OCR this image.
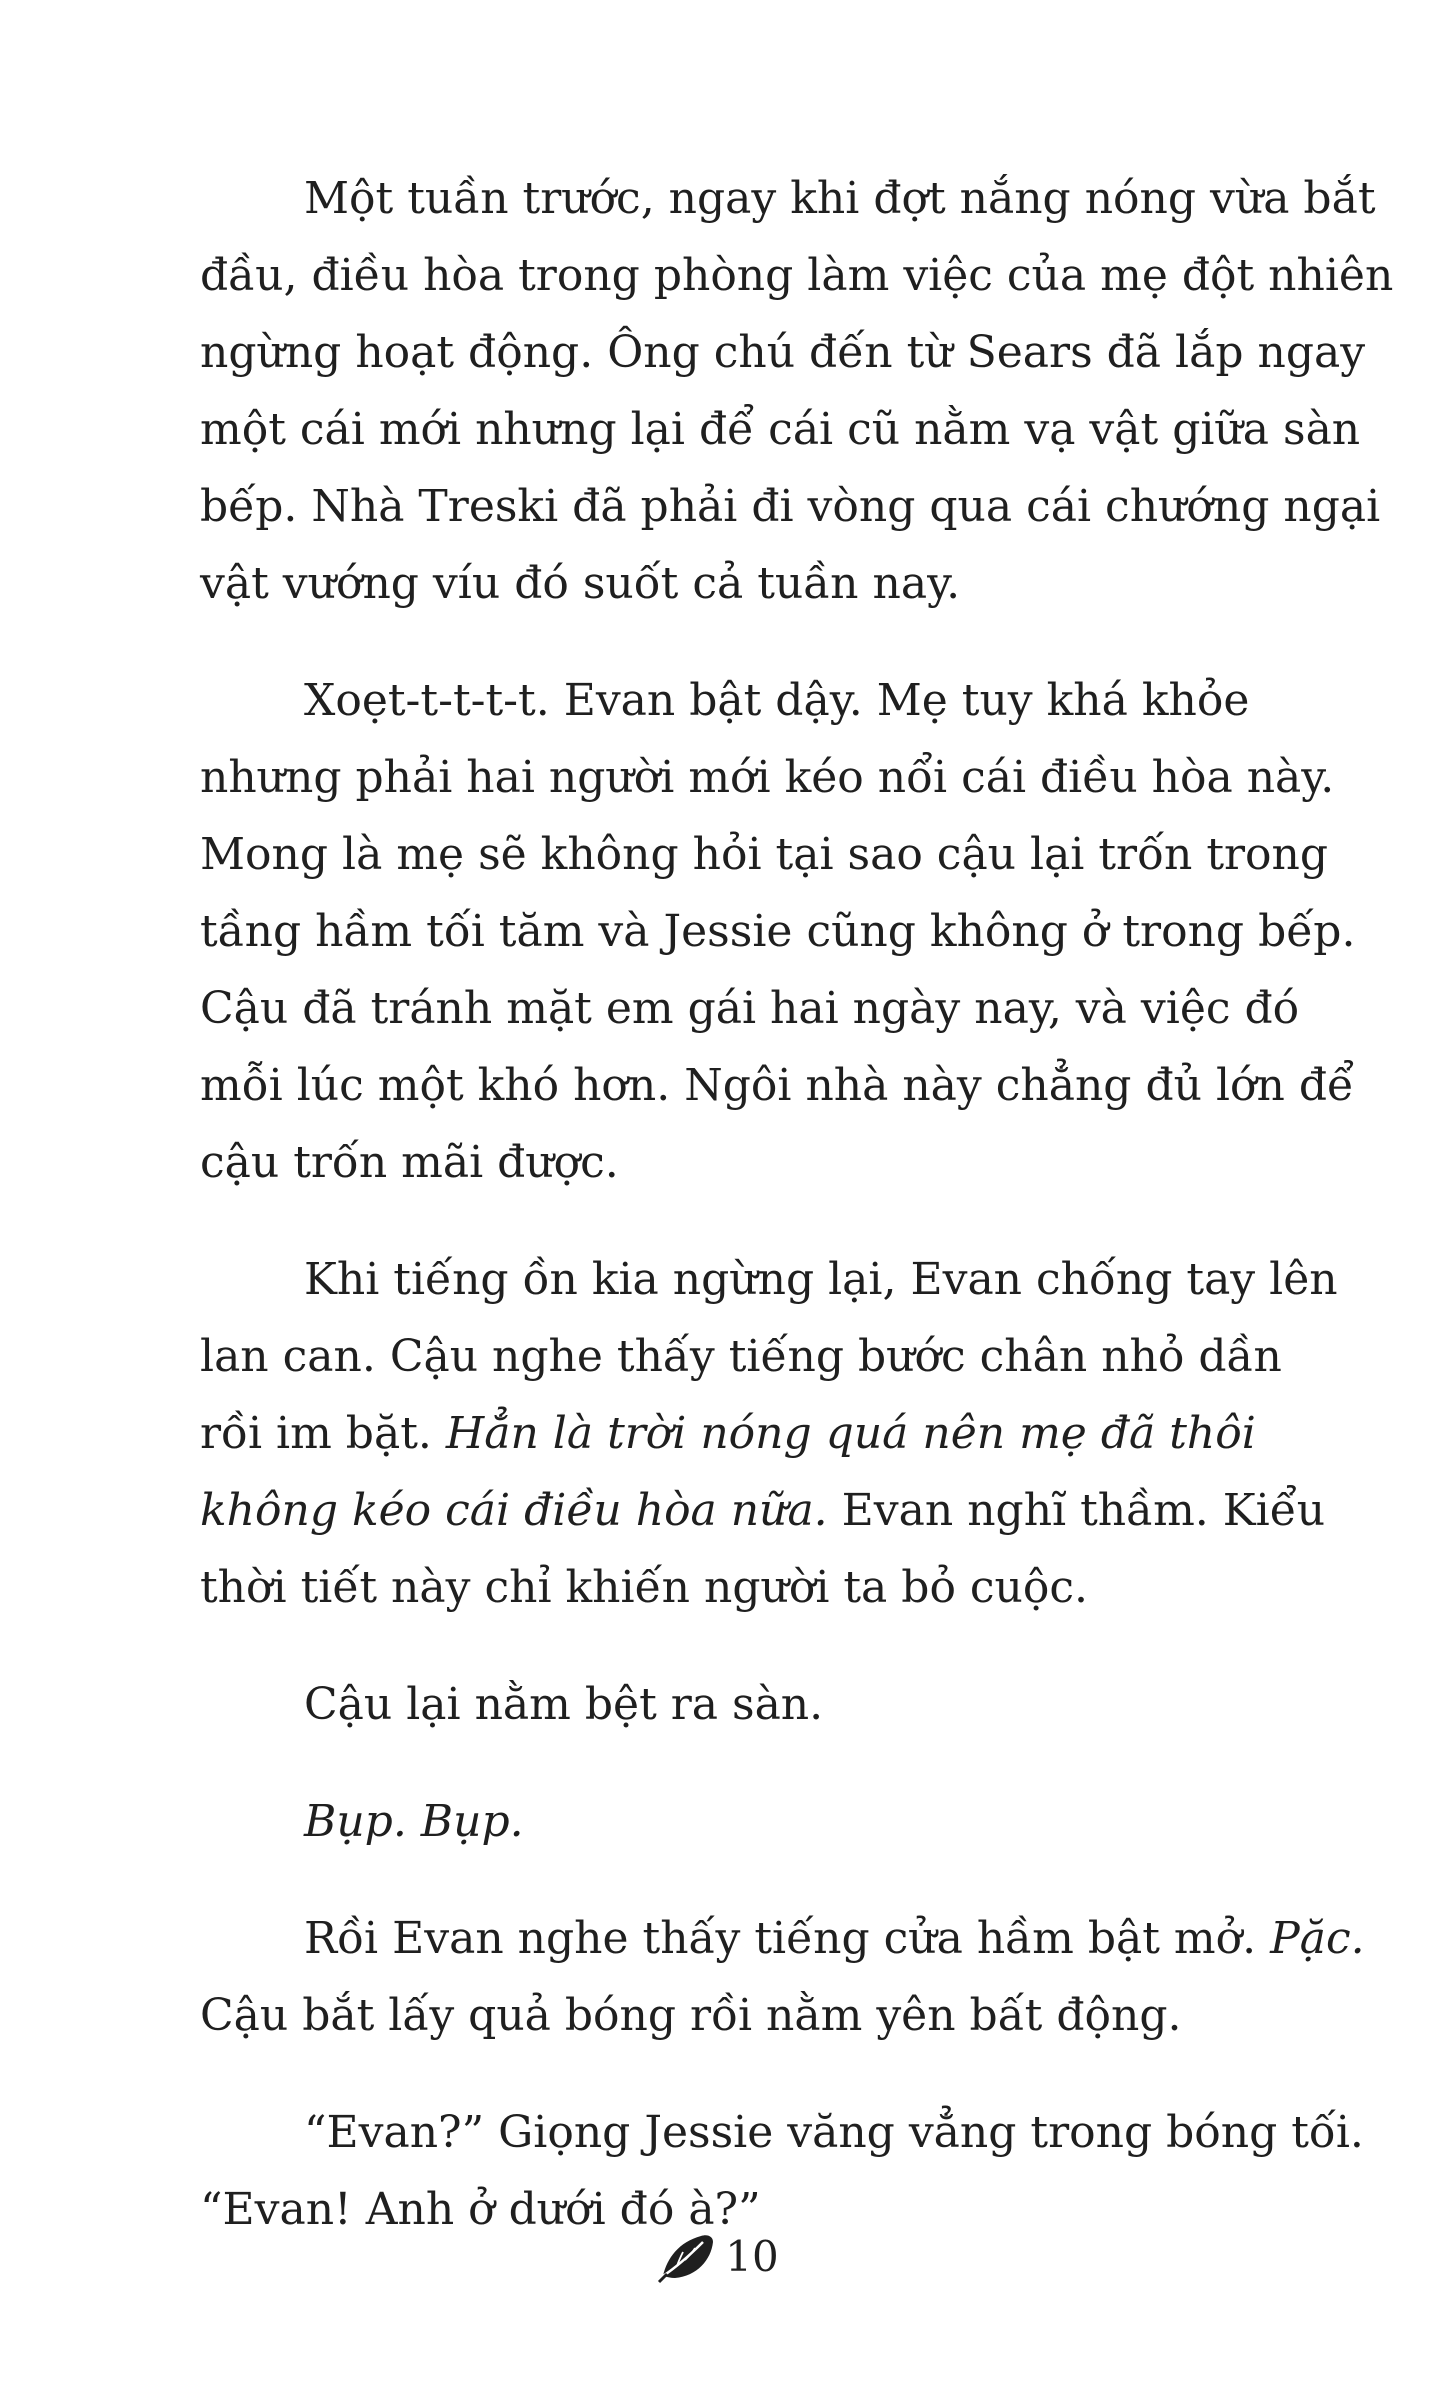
Một tuần trước, ngay khi đợt nắng nóng vừa bắt
đầu, điều hòa trong phòng làm việc của mẹ đột nhiên
ngừng hoạt động. Ông chú đến từ Sears đã lắp ngay
một cái mới nhưng lại để cái cũ nằm vạ vật giữa sàn
bếp. Nhà Treski đã phải đi vòng qua cái chướng ngại
vật vướng víu đó suốt cả tuần nay.
Xoẹt-t-t-t-t. Evan bật dậy. Mẹ tuy khá khỏe
nhưng phải hai người mới kéo nổi cái điều hòa này.
Mong là mẹ sẽ không hỏi tại sao cậu lại trốn trong
tầng hầm tối tăm và Jessie cũng không ở trong bếp.
Cậu đã tránh mặt em gái hai ngày nay, và việc đó
mỗi lúc một khó hơn. Ngôi nhà này chẳng đủ lớn để
cậu trốn mãi được.
Khi tiếng ồn kia ngừng lại, Evan chống tay lên
lan can. Cậu nghe thấy tiếng bước chân nhỏ dần
rồi im bặt. Hẳn là trời nóng quá nên mẹ đã thôi
không kéo cái điều hòa nữa. Evan nghĩ thầm. Kiểu
thời tiết này chỉ khiến người ta bỏ cuộc.
Cậu lại nằm bệt ra sàn.
Bụp. Bụp.
Rồi Evan nghe thấy tiếng cửa hầm bật mở. Pặc.
Cậu bắt lấy quả bóng rồi nằm yên bất động.
“Evan?” Giọng Jessie văng vẳng trong bóng tối.
“Evan! Anh ở dưới đó à?”
10
